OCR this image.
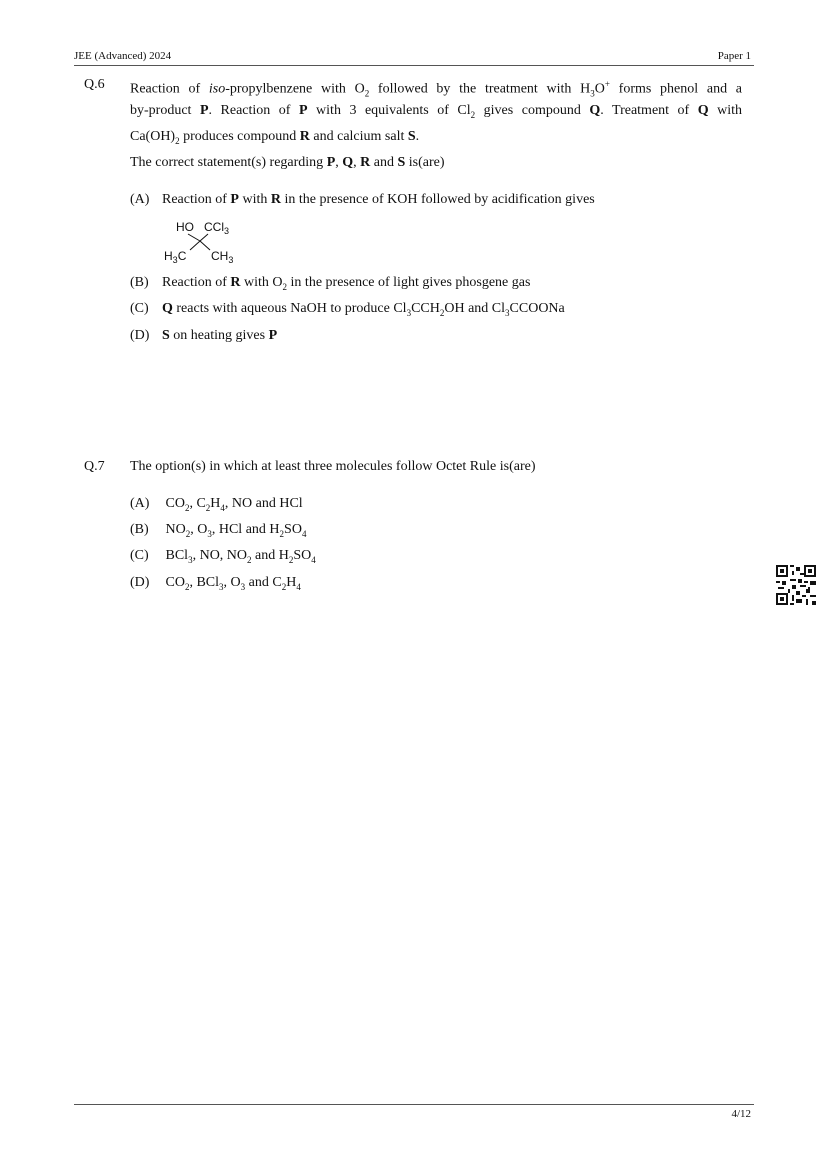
JEE (Advanced) 2024	Paper 1
Q.6 Reaction of iso-propylbenzene with $O_2$ followed by the treatment with $H_3O^+$ forms phenol and a
by-product P. Reaction of P with 3 equivalents of $Cl_2$ gives compound Q. Treatment of Q with
$Ca(OH)_2$ produces compound R and calcium salt S.
The correct statement(s) regarding P, Q, R and S is(are)
(A) Reaction of P with R in the presence of KOH followed by acidification gives
HO CCl$_3$
$H_3C$ $CH_3$
(B) Reaction of R with $O_2$ in the presence of light gives phosgene gas
(C) Q reacts with aqueous NaOH to produce $Cl_3CCH_2OH$ and $Cl_3CCOONa$
(D) S on heating gives P
Q.7 The option(s) in which at least three molecules follow Octet Rule is(are)
(A) $CO_2$, $C_2H_4$, NO and HCl
(B) $NO_2$, $O_3$, HCl and $H_2SO_4$
(C) BCl$_3$, NO, $NO_2$ and $H_2SO_4$
(D) $CO_2$, BCl$_3$, $O_3$ and $C_2H_4$
4/12
